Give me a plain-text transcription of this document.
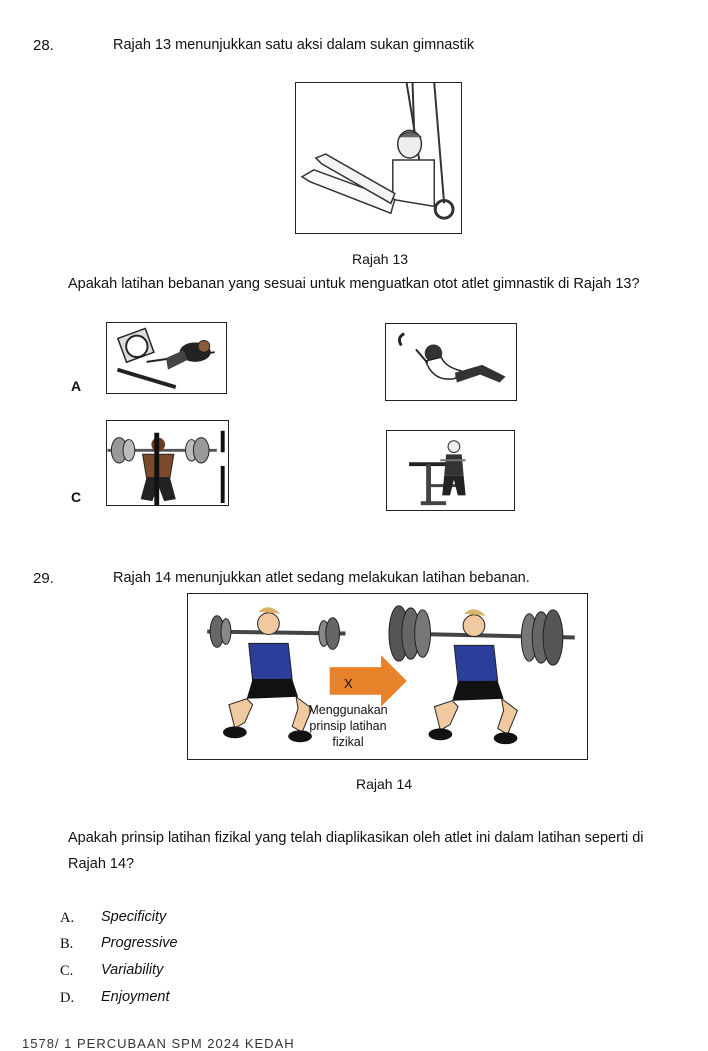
28.	Rajah 13 menunjukkan satu aksi dalam sukan gimnastik
Rajah 13
Apakah latihan bebanan yang sesuai untuk menguatkan otot atlet gimnastik di Rajah 13?
A
C
29.	Rajah 14 menunjukkan atlet sedang melakukan latihan bebanan.
X
Menggunakan
prinsip latihan
fizikal
Rajah 14
Apakah prinsip latihan fizikal yang telah diaplikasikan oleh atlet ini dalam latihan seperti di
Rajah 14?
A. Specificity
B. Progressive
C. Variability
D. Enjoyment
1578/ 1 PERCUBAAN SPM 2024 KEDAH
